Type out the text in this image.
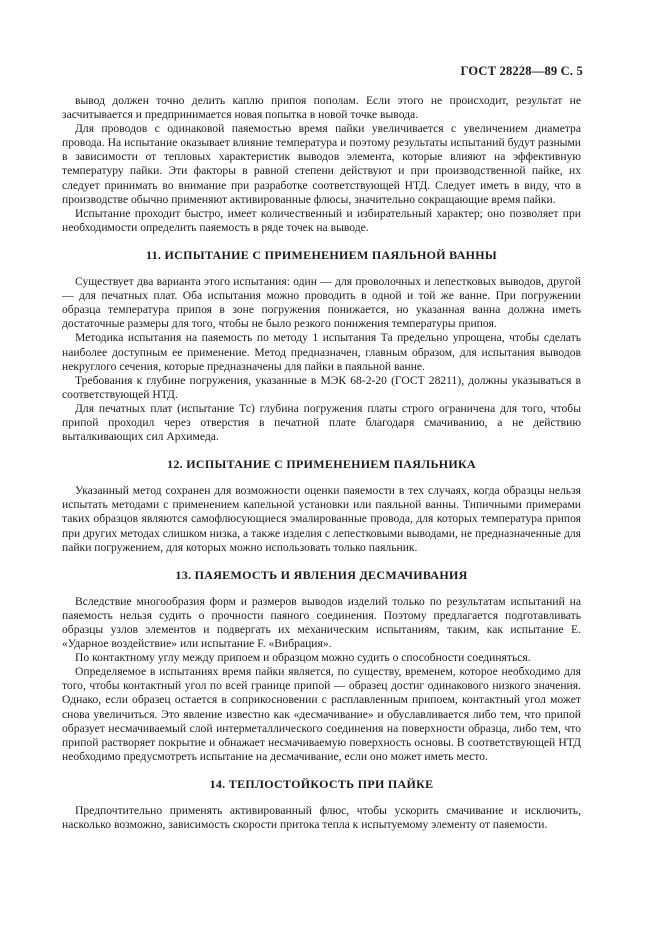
ГОСТ 28228—89 С. 5

вывод должен точно делить каплю припоя пополам. Если этого не происходит, результат не засчитывается и предпринимается новая попытка в новой точке вывода.

Для проводов с одинаковой паяемостью время пайки увеличивается с увеличением диаметра провода. На испытание оказывает влияние температура и поэтому результаты испытаний будут разными в зависимости от тепловых характеристик выводов элемента, которые влияют на эффективную температуру пайки. Эти факторы в равной степени действуют и при производственной пайке, их следует принимать во внимание при разработке соответствующей НТД. Следует иметь в виду, что в производстве обычно применяют активированные флюсы, значительно сокращающие время пайки.

Испытание проходит быстро, имеет количественный и избирательный характер; оно позволяет при необходимости определить паяемость в ряде точек на выводе.

11. ИСПЫТАНИЕ С ПРИМЕНЕНИЕМ ПАЯЛЬНОЙ ВАННЫ

Существует два варианта этого испытания: один — для проволочных и лепестковых выводов, другой — для печатных плат. Оба испытания можно проводить в одной и той же ванне. При погружении образца температура припоя в зоне погружения понижается, но указанная ванна должна иметь достаточные размеры для того, чтобы не было резкого понижения температуры припоя.

Методика испытания на паяемость по методу 1 испытания Та предельно упрощена, чтобы сделать наиболее доступным ее применение. Метод предназначен, главным образом, для испытания выводов некруглого сечения, которые предназначены для пайки в паяльной ванне.

Требования к глубине погружения, указанные в МЭК 68-2-20 (ГОСТ 28211), должны указываться в соответствующей НТД.

Для печатных плат (испытание Тс) глубина погружения платы строго ограничена для того, чтобы припой проходил через отверстия в печатной плате благодаря смачиванию, а не действию выталкивающих сил Архимеда.

12. ИСПЫТАНИЕ С ПРИМЕНЕНИЕМ ПАЯЛЬНИКА

Указанный метод сохранен для возможности оценки паяемости в тех случаях, когда образцы нельзя испытать методами с применением капельной установки или паяльной ванны. Типичными примерами таких образцов являются самофлюсующиеся эмалированные провода, для которых температура припоя при других методах слишком низка, а также изделия с лепестковыми выводами, не предназначенные для пайки погружением, для которых можно использовать только паяльник.

13. ПАЯЕМОСТЬ И ЯВЛЕНИЯ ДЕСМАЧИВАНИЯ

Вследствие многообразия форм и размеров выводов изделий только по результатам испытаний на паяемость нельзя судить о прочности паяного соединения. Поэтому предлагается подготавливать образцы узлов элементов и подвергать их механическим испытаниям, таким, как испытание Е. «Ударное воздействие» или испытание F. «Вибрация».

По контактному углу между припоем и образцом можно судить о способности соединяться.

Определяемое в испытаниях время пайки является, по существу, временем, которое необходимо для того, чтобы контактный угол по всей границе припой — образец достиг одинакового низкого значения. Однако, если образец остается в соприкосновении с расплавленным припоем, контактный угол может снова увеличиться. Это явление известно как «десмачивание» и обуславливается либо тем, что припой образует несмачиваемый слой интерметаллического соединения на поверхности образца, либо тем, что припой растворяет покрытие и обнажает несмачиваемую поверхность основы. В соответствующей НТД необходимо предусмотреть испытание на десмачивание, если оно может иметь место.

14. ТЕПЛОСТОЙКОСТЬ ПРИ ПАЙКЕ

Предпочтительно применять активированный флюс, чтобы ускорить смачивание и исключить, насколько возможно, зависимость скорости притока тепла к испытуемому элементу от паяемости.
